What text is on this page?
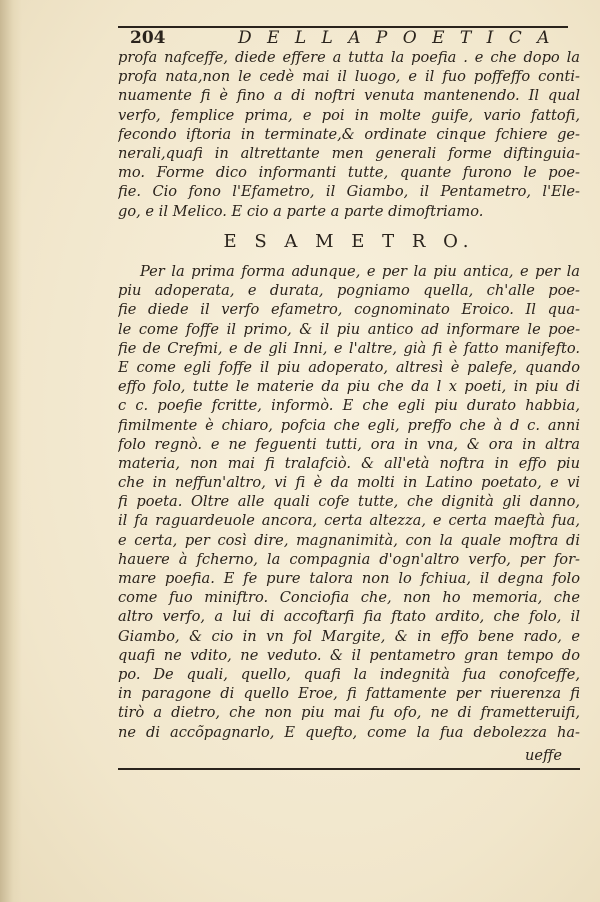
204	D E L L A P O E T I C A
profa nafceffe, diede effere a tutta la poefia . e che dopo la
profa nata,non le cedè mai il luogo, e il fuo poffeffo conti-
nuamente fi è fino a di noftri venuta mantenendo. Il qual
verfo, femplice prima, e poi in molte guife, vario fattofi,
fecondo iftoria in terminate,& ordinate cinque fchiere ge-
nerali,quafi in altrettante men generali forme diftinguia-
mo. Forme dico informanti tutte, quante furono le poe-
fie. Cio fono l'Efametro, il Giambo, il Pentametro, l'Ele-
go, e il Melico. E cio a parte a parte dimoftriamo.
E S A M E T R O.
Per la prima forma adunque, e per la piu antica, e per la
piu adoperata, e durata, pogniamo quella, ch'alle poe-
fie diede il verfo efametro, cognominato Eroico. Il qua-
le come foffe il primo, & il piu antico ad informare le poe-
fie de Crefmi, e de gli Inni, e l'altre, già fi è fatto manifefto.
E come egli foffe il piu adoperato, altresì è palefe, quando
effo folo, tutte le materie da piu che da l x poeti, in piu di
c c. poefie fcritte, informò. E che egli piu durato habbia,
fimilmente è chiaro, pofcia che egli, preffo che à d c. anni
folo regnò. e ne feguenti tutti, ora in vna, & ora in altra
materia, non mai fi tralafciò. & all'età noftra in effo piu
che in neffun'altro, vi fi è da molti in Latino poetato, e vi
fi poeta. Oltre alle quali cofe tutte, che dignità gli danno,
il fa raguardeuole ancora, certa altezza, e certa maeftà fua,
e certa, per così dire, magnanimità, con la quale moftra di
hauere à fcherno, la compagnia d'ogn'altro verfo, per for-
mare poefia. E fe pure talora non lo fchiua, il degna folo
come fuo miniftro. Conciofia che, non ho memoria, che
altro verfo, a lui di accoftarfi fia ftato ardito, che folo, il
Giambo, & cio in vn fol Margite, & in effo bene rado, e
quafi ne vdito, ne veduto. & il pentametro gran tempo do
po. De quali, quello, quafi la indegnità fua conofceffe,
in paragone di quello Eroe, fi fattamente per riuerenza fi
tirò a dietro, che non piu mai fu ofo, ne di frametteruifi,
ne di accõpagnarlo, E quefto, come la fua debolezza ha-
ueffe
